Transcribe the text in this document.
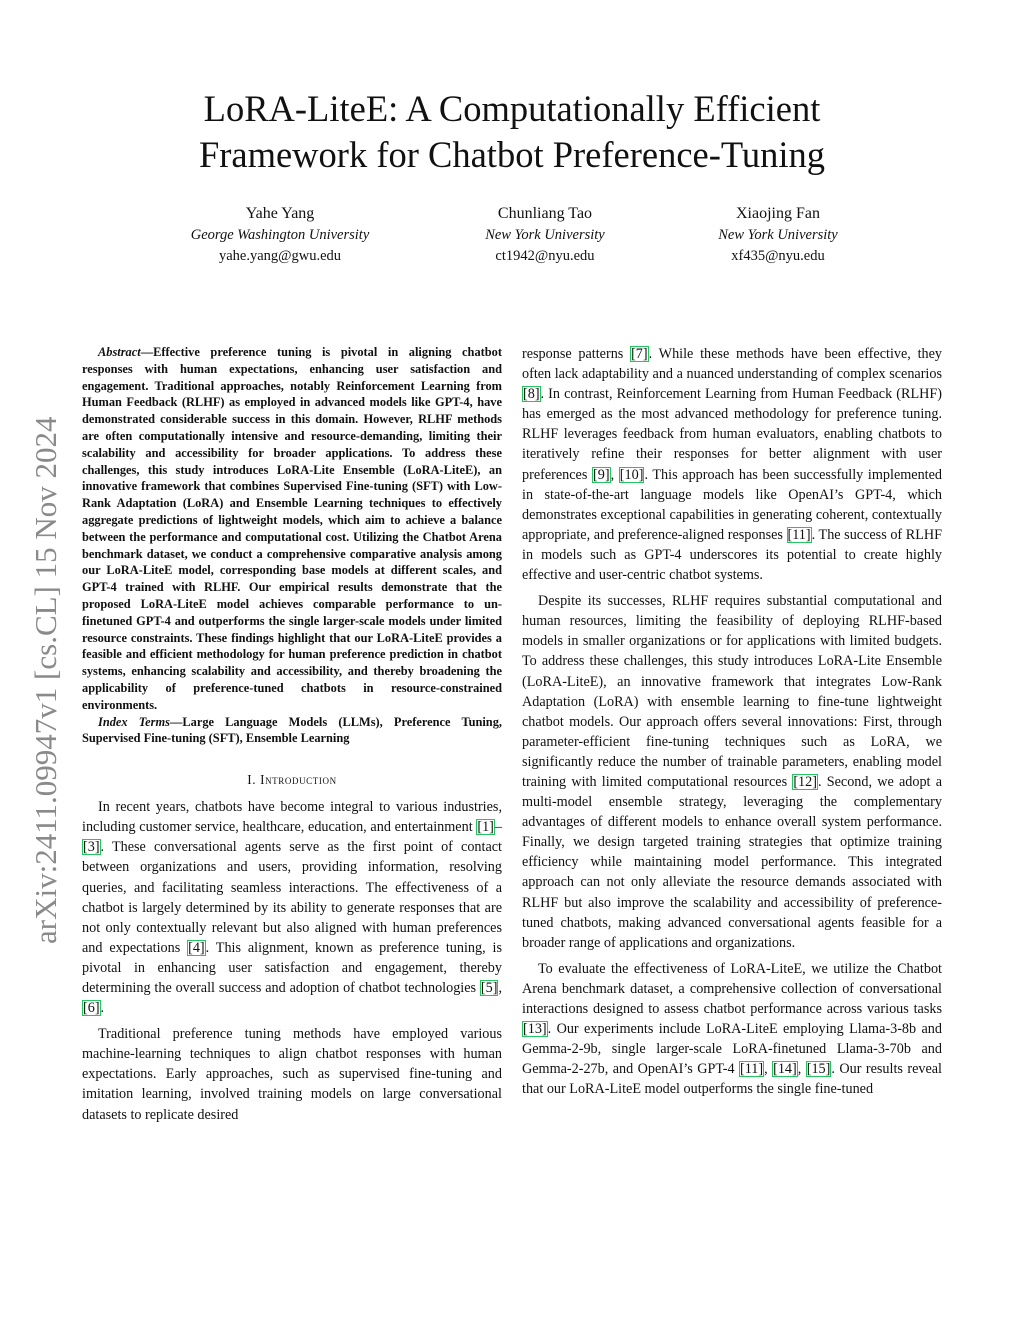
LoRA-LiteE: A Computationally Efficient
Framework for Chatbot Preference-Tuning
Yahe Yang
George Washington University
yahe.yang@gwu.edu
Chunliang Tao
New York University
ct1942@nyu.edu
Xiaojing Fan
New York University
xf435@nyu.edu
arXiv:2411.09947v1 [cs.CL] 15 Nov 2024

Abstract—Effective preference tuning is pivotal in aligning chatbot responses with human expectations, enhancing user satisfaction and engagement. Traditional approaches, notably Reinforcement Learning from Human Feedback (RLHF) as employed in advanced models like GPT-4, have demonstrated considerable success in this domain. However, RLHF methods are often computationally intensive and resource-demanding, limiting their scalability and accessibility for broader applications. To address these challenges, this study introduces LoRA-Lite Ensemble (LoRA-LiteE), an innovative framework that combines Supervised Fine-tuning (SFT) with Low-Rank Adaptation (LoRA) and Ensemble Learning techniques to effectively aggregate predictions of lightweight models, which aim to achieve a balance between the performance and computational cost. Utilizing the Chatbot Arena benchmark dataset, we conduct a comprehensive comparative analysis among our LoRA-LiteE model, corresponding base models at different scales, and GPT-4 trained with RLHF. Our empirical results demonstrate that the proposed LoRA-LiteE model achieves comparable performance to un-finetuned GPT-4 and outperforms the single larger-scale models under limited resource constraints. These findings highlight that our LoRA-LiteE provides a feasible and efficient methodology for human preference prediction in chatbot systems, enhancing scalability and accessibility, and thereby broadening the applicability of preference-tuned chatbots in resource-constrained environments.

Index Terms—Large Language Models (LLMs), Preference Tuning, Supervised Fine-tuning (SFT), Ensemble Learning

I. Introduction

In recent years, chatbots have become integral to various industries, including customer service, healthcare, education, and entertainment [1]–[3]. These conversational agents serve as the first point of contact between organizations and users, providing information, resolving queries, and facilitating seamless interactions. The effectiveness of a chatbot is largely determined by its ability to generate responses that are not only contextually relevant but also aligned with human preferences and expectations [4]. This alignment, known as preference tuning, is pivotal in enhancing user satisfaction and engagement, thereby determining the overall success and adoption of chatbot technologies [5], [6].

Traditional preference tuning methods have employed various machine-learning techniques to align chatbot responses with human expectations. Early approaches, such as supervised fine-tuning and imitation learning, involved training models on large conversational datasets to replicate desired

response patterns [7]. While these methods have been effective, they often lack adaptability and a nuanced understanding of complex scenarios [8]. In contrast, Reinforcement Learning from Human Feedback (RLHF) has emerged as the most advanced methodology for preference tuning. RLHF leverages feedback from human evaluators, enabling chatbots to iteratively refine their responses for better alignment with user preferences [9], [10]. This approach has been successfully implemented in state-of-the-art language models like OpenAI’s GPT-4, which demonstrates exceptional capabilities in generating coherent, contextually appropriate, and preference-aligned responses [11]. The success of RLHF in models such as GPT-4 underscores its potential to create highly effective and user-centric chatbot systems.

Despite its successes, RLHF requires substantial computational and human resources, limiting the feasibility of deploying RLHF-based models in smaller organizations or for applications with limited budgets. To address these challenges, this study introduces LoRA-Lite Ensemble (LoRA-LiteE), an innovative framework that integrates Low-Rank Adaptation (LoRA) with ensemble learning to fine-tune lightweight chatbot models. Our approach offers several innovations: First, through parameter-efficient fine-tuning techniques such as LoRA, we significantly reduce the number of trainable parameters, enabling model training with limited computational resources [12]. Second, we adopt a multi-model ensemble strategy, leveraging the complementary advantages of different models to enhance overall system performance. Finally, we design targeted training strategies that optimize training efficiency while maintaining model performance. This integrated approach can not only alleviate the resource demands associated with RLHF but also improve the scalability and accessibility of preference-tuned chatbots, making advanced conversational agents feasible for a broader range of applications and organizations.

To evaluate the effectiveness of LoRA-LiteE, we utilize the Chatbot Arena benchmark dataset, a comprehensive collection of conversational interactions designed to assess chatbot performance across various tasks [13]. Our experiments include LoRA-LiteE employing Llama-3-8b and Gemma-2-9b, single larger-scale LoRA-finetuned Llama-3-70b and Gemma-2-27b, and OpenAI’s GPT-4 [11], [14], [15]. Our results reveal that our LoRA-LiteE model outperforms the single fine-tuned
